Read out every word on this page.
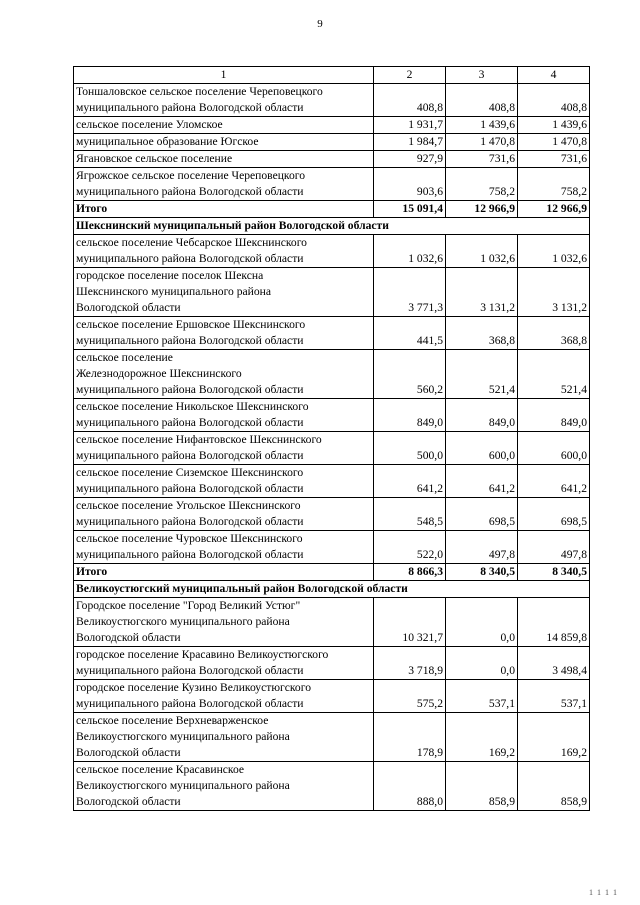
9
1	2	3	4

Тоншаловское сельское поселение Череповецкого
муниципального района Вологодской области	408,8	408,8	408,8

сельское поселение Уломское	1 931,7	1 439,6	1 439,6

муниципальное образование Югское	1 984,7	1 470,8	1 470,8

Ягановское сельское поселение	927,9	731,6	731,6

Ягрожское сельское поселение Череповецкого
муниципального района Вологодской области	903,6	758,2	758,2

Итого	15 091,4	12 966,9	12 966,9
Шекснинский муниципальный район Вологодской области			

сельское поселение Чебсарское Шекснинского
муниципального района Вологодской области	1 032,6	1 032,6	1 032,6

городское поселение поселок Шексна
Шекснинского муниципального района
Вологодской области	3 771,3	3 131,2	3 131,2

сельское поселение Ершовское Шекснинского
муниципального района Вологодской области	441,5	368,8	368,8

сельское поселение
Железнодорожное Шекснинского
муниципального района Вологодской области	560,2	521,4	521,4

сельское поселение Никольское Шекснинского
муниципального района Вологодской области	849,0	849,0	849,0

сельское поселение Нифантовское Шекснинского
муниципального района Вологодской области	500,0	600,0	600,0

сельское поселение Сиземское Шекснинского
муниципального района Вологодской области	641,2	641,2	641,2

сельское поселение Угольское Шекснинского
муниципального района Вологодской области	548,5	698,5	698,5

сельское поселение Чуровское Шекснинского
муниципального района Вологодской области	522,0	497,8	497,8

Итого	8 866,3	8 340,5	8 340,5
Великоустюгский муниципальный район Вологодской области			

Городское поселение "Город Великий Устюг"
Великоустюгского муниципального района
Вологодской области	10 321,7	0,0	14 859,8

городское поселение Красавино Великоустюгского
муниципального района Вологодской области	3 718,9	0,0	3 498,4

городское поселение Кузино Великоустюгского
муниципального района Вологодской области	575,2	537,1	537,1

сельское поселение Верхневарженское
Великоустюгского муниципального района
Вологодской области	178,9	169,2	169,2

сельское поселение Красавинское
Великоустюгского муниципального района
Вологодской области	888,0	858,9	858,9
1 1 1 1
